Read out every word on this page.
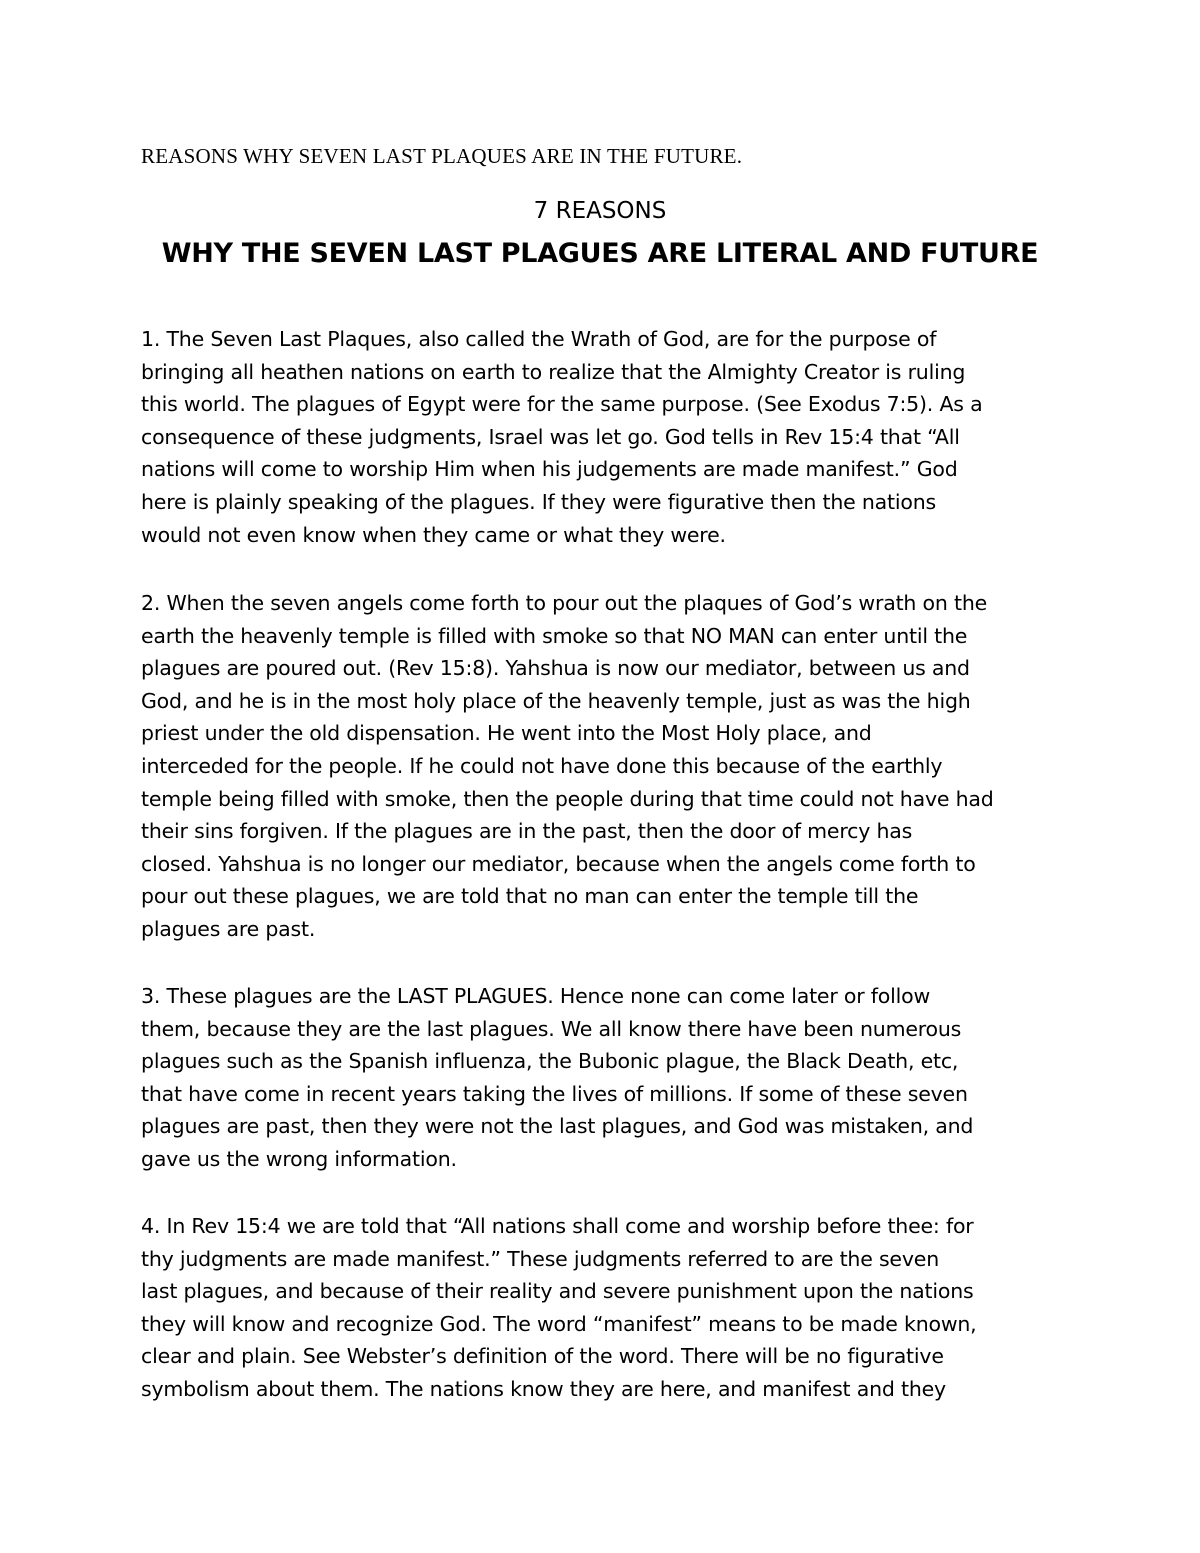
REASONS WHY SEVEN LAST PLAQUES ARE IN THE FUTURE.
7 REASONS
WHY THE SEVEN LAST PLAGUES ARE LITERAL AND FUTURE
1. The Seven Last Plaques, also called the Wrath of God, are for the purpose of
bringing all heathen nations on earth to realize that the Almighty Creator is ruling
this world. The plagues of Egypt were for the same purpose. (See Exodus 7:5). As a
consequence of these judgments, Israel was let go. God tells in Rev 15:4 that “All
nations will come to worship Him when his judgements are made manifest.” God
here is plainly speaking of the plagues. If they were figurative then the nations
would not even know when they came or what they were.
2. When the seven angels come forth to pour out the plaques of God’s wrath on the
earth the heavenly temple is filled with smoke so that NO MAN can enter until the
plagues are poured out. (Rev 15:8). Yahshua is now our mediator, between us and
God, and he is in the most holy place of the heavenly temple, just as was the high
priest under the old dispensation. He went into the Most Holy place, and
interceded for the people. If he could not have done this because of the earthly
temple being filled with smoke, then the people during that time could not have had
their sins forgiven. If the plagues are in the past, then the door of mercy has
closed. Yahshua is no longer our mediator, because when the angels come forth to
pour out these plagues, we are told that no man can enter the temple till the
plagues are past.
3. These plagues are the LAST PLAGUES. Hence none can come later or follow
them, because they are the last plagues. We all know there have been numerous
plagues such as the Spanish influenza, the Bubonic plague, the Black Death, etc,
that have come in recent years taking the lives of millions. If some of these seven
plagues are past, then they were not the last plagues, and God was mistaken, and
gave us the wrong information.
4. In Rev 15:4 we are told that “All nations shall come and worship before thee: for
thy judgments are made manifest.” These judgments referred to are the seven
last plagues, and because of their reality and severe punishment upon the nations
they will know and recognize God. The word “manifest” means to be made known,
clear and plain. See Webster’s definition of the word. There will be no figurative
symbolism about them. The nations know they are here, and manifest and they
